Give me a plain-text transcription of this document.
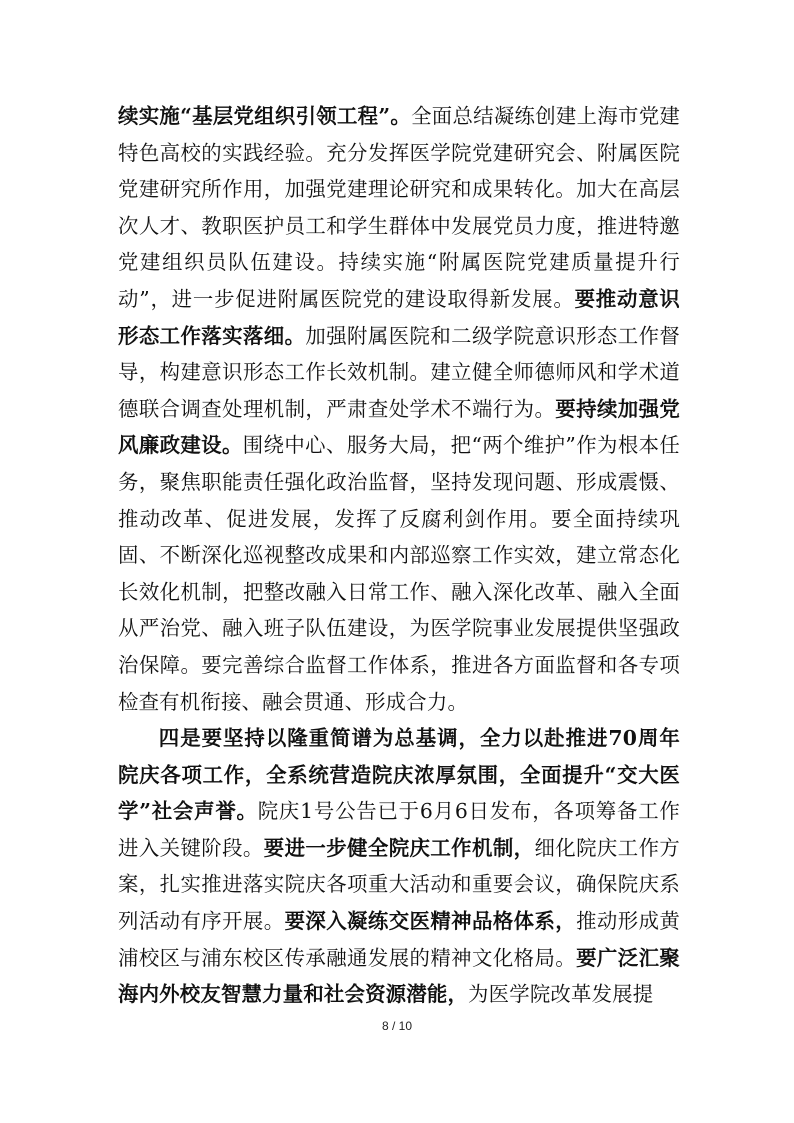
续实施“基层党组织引领工程”。全面总结凝练创建上海市党建特色高校的实践经验。充分发挥医学院党建研究会、附属医院党建研究所作用，加强党建理论研究和成果转化。加大在高层次人才、教职医护员工和学生群体中发展党员力度，推进特邀党建组织员队伍建设。持续实施“附属医院党建质量提升行动”，进一步促进附属医院党的建设取得新发展。要推动意识形态工作落实落细。加强附属医院和二级学院意识形态工作督导，构建意识形态工作长效机制。建立健全师德师风和学术道德联合调查处理机制，严肃查处学术不端行为。要持续加强党风廉政建设。围绕中心、服务大局，把“两个维护”作为根本任务，聚焦职能责任强化政治监督，坚持发现问题、形成震慑、推动改革、促进发展，发挥了反腐利剑作用。要全面持续巩固、不断深化巡视整改成果和内部巡察工作实效，建立常态化长效化机制，把整改融入日常工作、融入深化改革、融入全面从严治党、融入班子队伍建设，为医学院事业发展提供坚强政治保障。要完善综合监督工作体系，推进各方面监督和各专项检查有机衔接、融会贯通、形成合力。

四是要坚持以隆重简谱为总基调，全力以赴推进70周年院庆各项工作，全系统营造院庆浓厚氛围，全面提升“交大医学”社会声誉。院庆1号公告已于6月6日发布，各项筹备工作进入关键阶段。要进一步健全院庆工作机制，细化院庆工作方案，扎实推进落实院庆各项重大活动和重要会议，确保院庆系列活动有序开展。要深入凝练交医精神品格体系，推动形成黄浦校区与浦东校区传承融通发展的精神文化格局。要广泛汇聚海内外校友智慧力量和社会资源潜能，为医学院改革发展提

8 / 10
